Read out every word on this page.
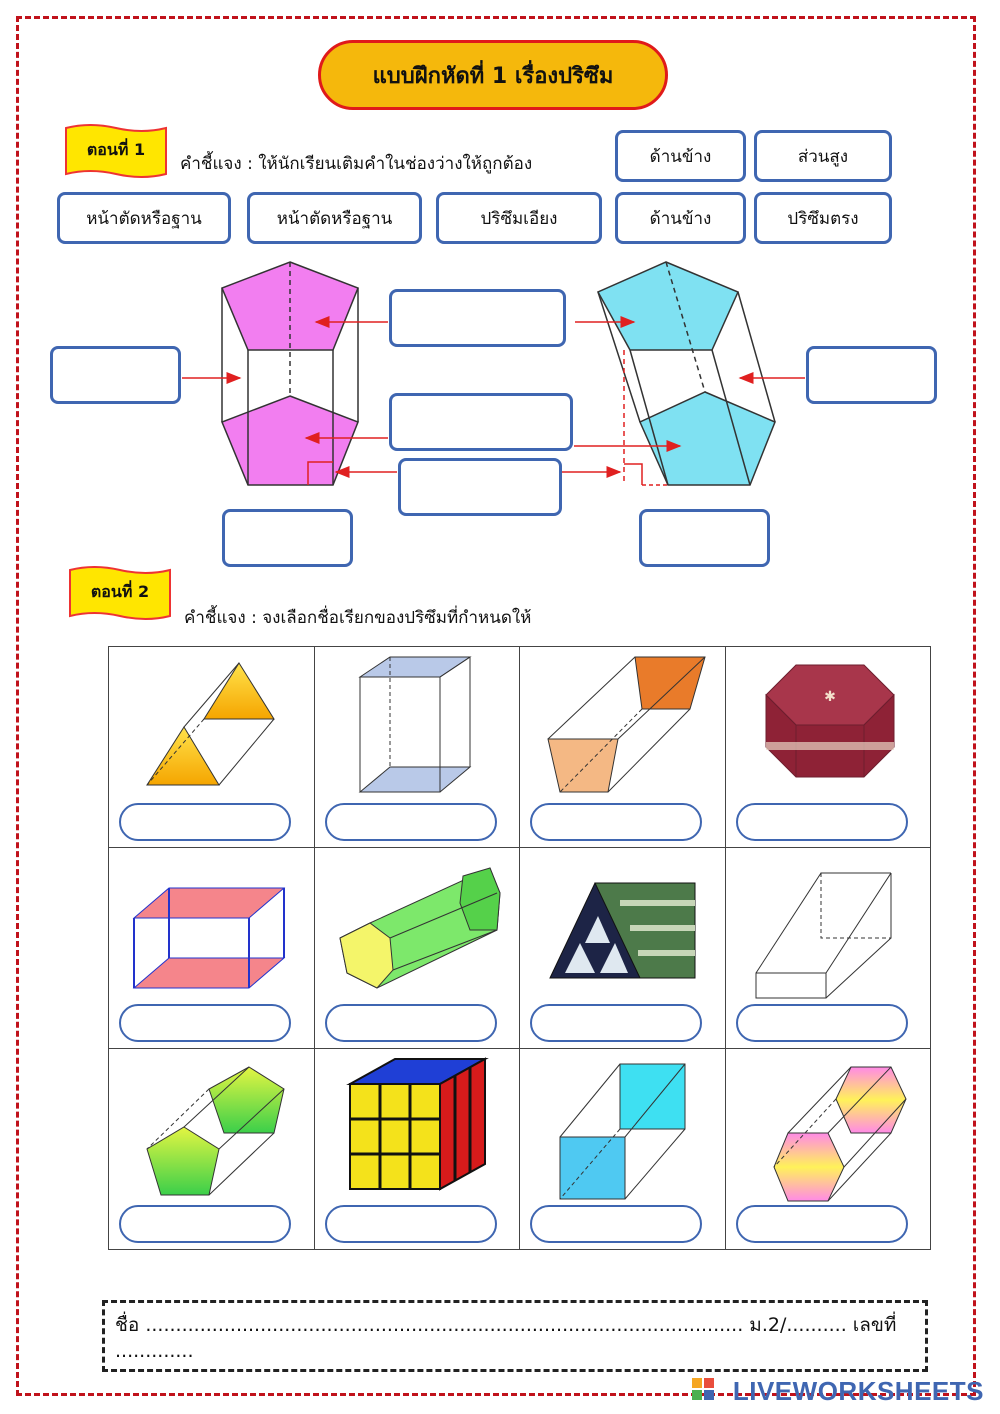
แบบฝึกหัดที่ 1 เรื่องปริซึม
ตอนที่ 1
คำชี้แจง : ให้นักเรียนเติมคำในช่องว่างให้ถูกต้อง	ด้านข้าง	ส่วนสูง
หน้าตัดหรือฐาน	หน้าตัดหรือฐาน	ปริซึมเอียง	ด้านข้าง	ปริซึมตรง
ตอนที่ 2
คำชี้แจง : จงเลือกชื่อเรียกของปริซึมที่กำหนดให้

✱

ชื่อ ................................................................................................... ม.2/.......... เลขที่ .............
LIVEWORKSHEETS
